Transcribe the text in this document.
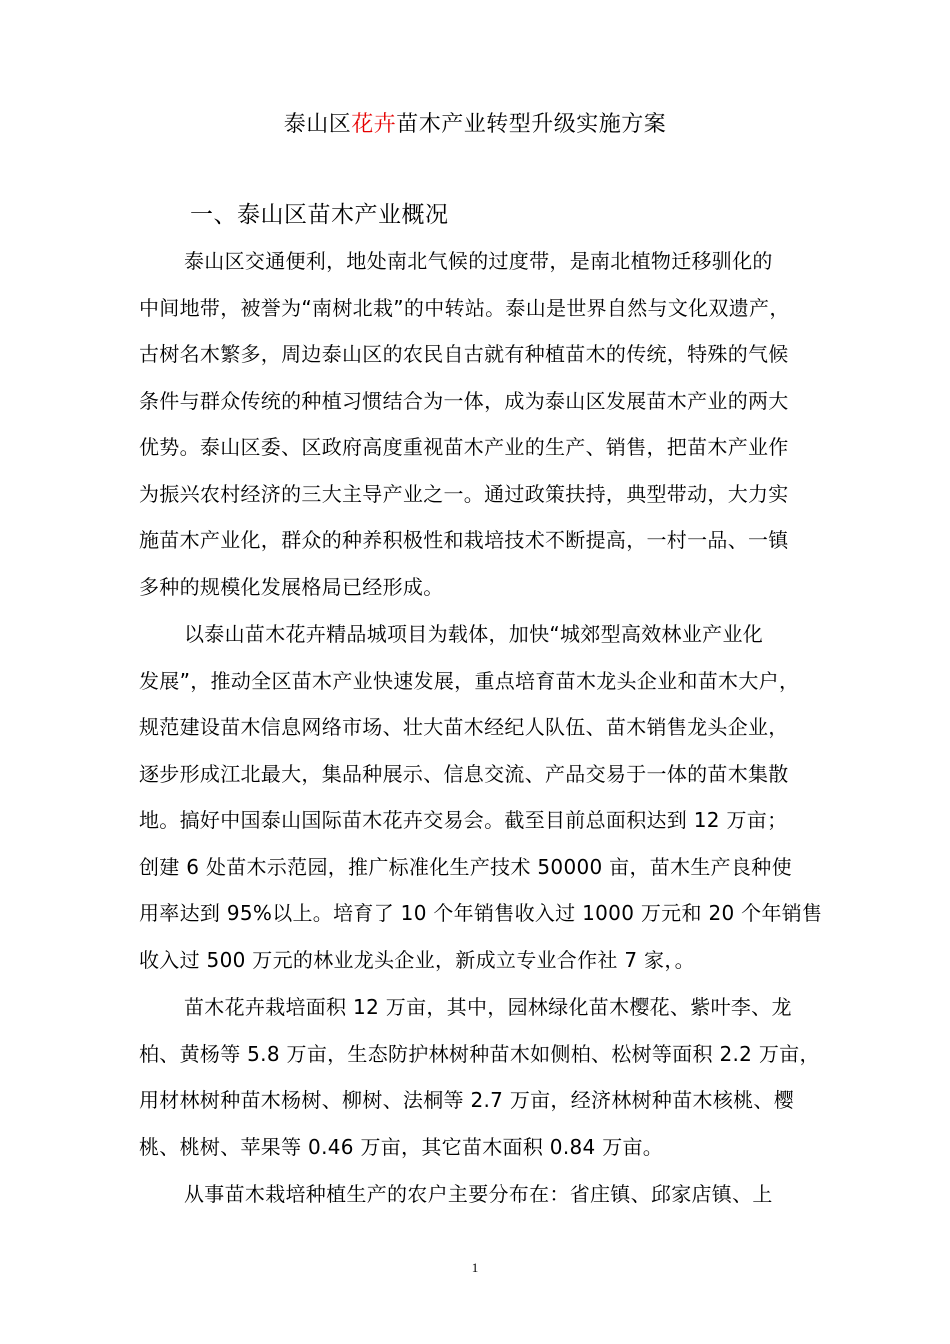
泰山区花卉苗木产业转型升级实施方案
一、泰山区苗木产业概况
泰山区交通便利，地处南北气候的过度带，是南北植物迁移驯化的
中间地带，被誉为“南树北栽”的中转站。泰山是世界自然与文化双遗产，
古树名木繁多，周边泰山区的农民自古就有种植苗木的传统，特殊的气候
条件与群众传统的种植习惯结合为一体，成为泰山区发展苗木产业的两大
优势。泰山区委、区政府高度重视苗木产业的生产、销售，把苗木产业作
为振兴农村经济的三大主导产业之一。通过政策扶持，典型带动，大力实
施苗木产业化，群众的种养积极性和栽培技术不断提高，一村一品、一镇
多种的规模化发展格局已经形成。
以泰山苗木花卉精品城项目为载体，加快“城郊型高效林业产业化
发展”，推动全区苗木产业快速发展，重点培育苗木龙头企业和苗木大户，
规范建设苗木信息网络市场、壮大苗木经纪人队伍、苗木销售龙头企业，
逐步形成江北最大，集品种展示、信息交流、产品交易于一体的苗木集散
地。搞好中国泰山国际苗木花卉交易会。截至目前总面积达到 12 万亩；
创建 6 处苗木示范园，推广标准化生产技术 50000 亩，苗木生产良种使
用率达到 95%以上。培育了 10 个年销售收入过 1000 万元和 20 个年销售
收入过 500 万元的林业龙头企业，新成立专业合作社 7 家，。
苗木花卉栽培面积 12 万亩，其中，园林绿化苗木樱花、紫叶李、龙
柏、黄杨等 5.8 万亩，生态防护林树种苗木如侧柏、松树等面积 2.2 万亩，
用材林树种苗木杨树、柳树、法桐等 2.7 万亩，经济林树种苗木核桃、樱
桃、桃树、苹果等 0.46 万亩，其它苗木面积 0.84 万亩。
从事苗木栽培种植生产的农户主要分布在：省庄镇、邱家店镇、上
1
